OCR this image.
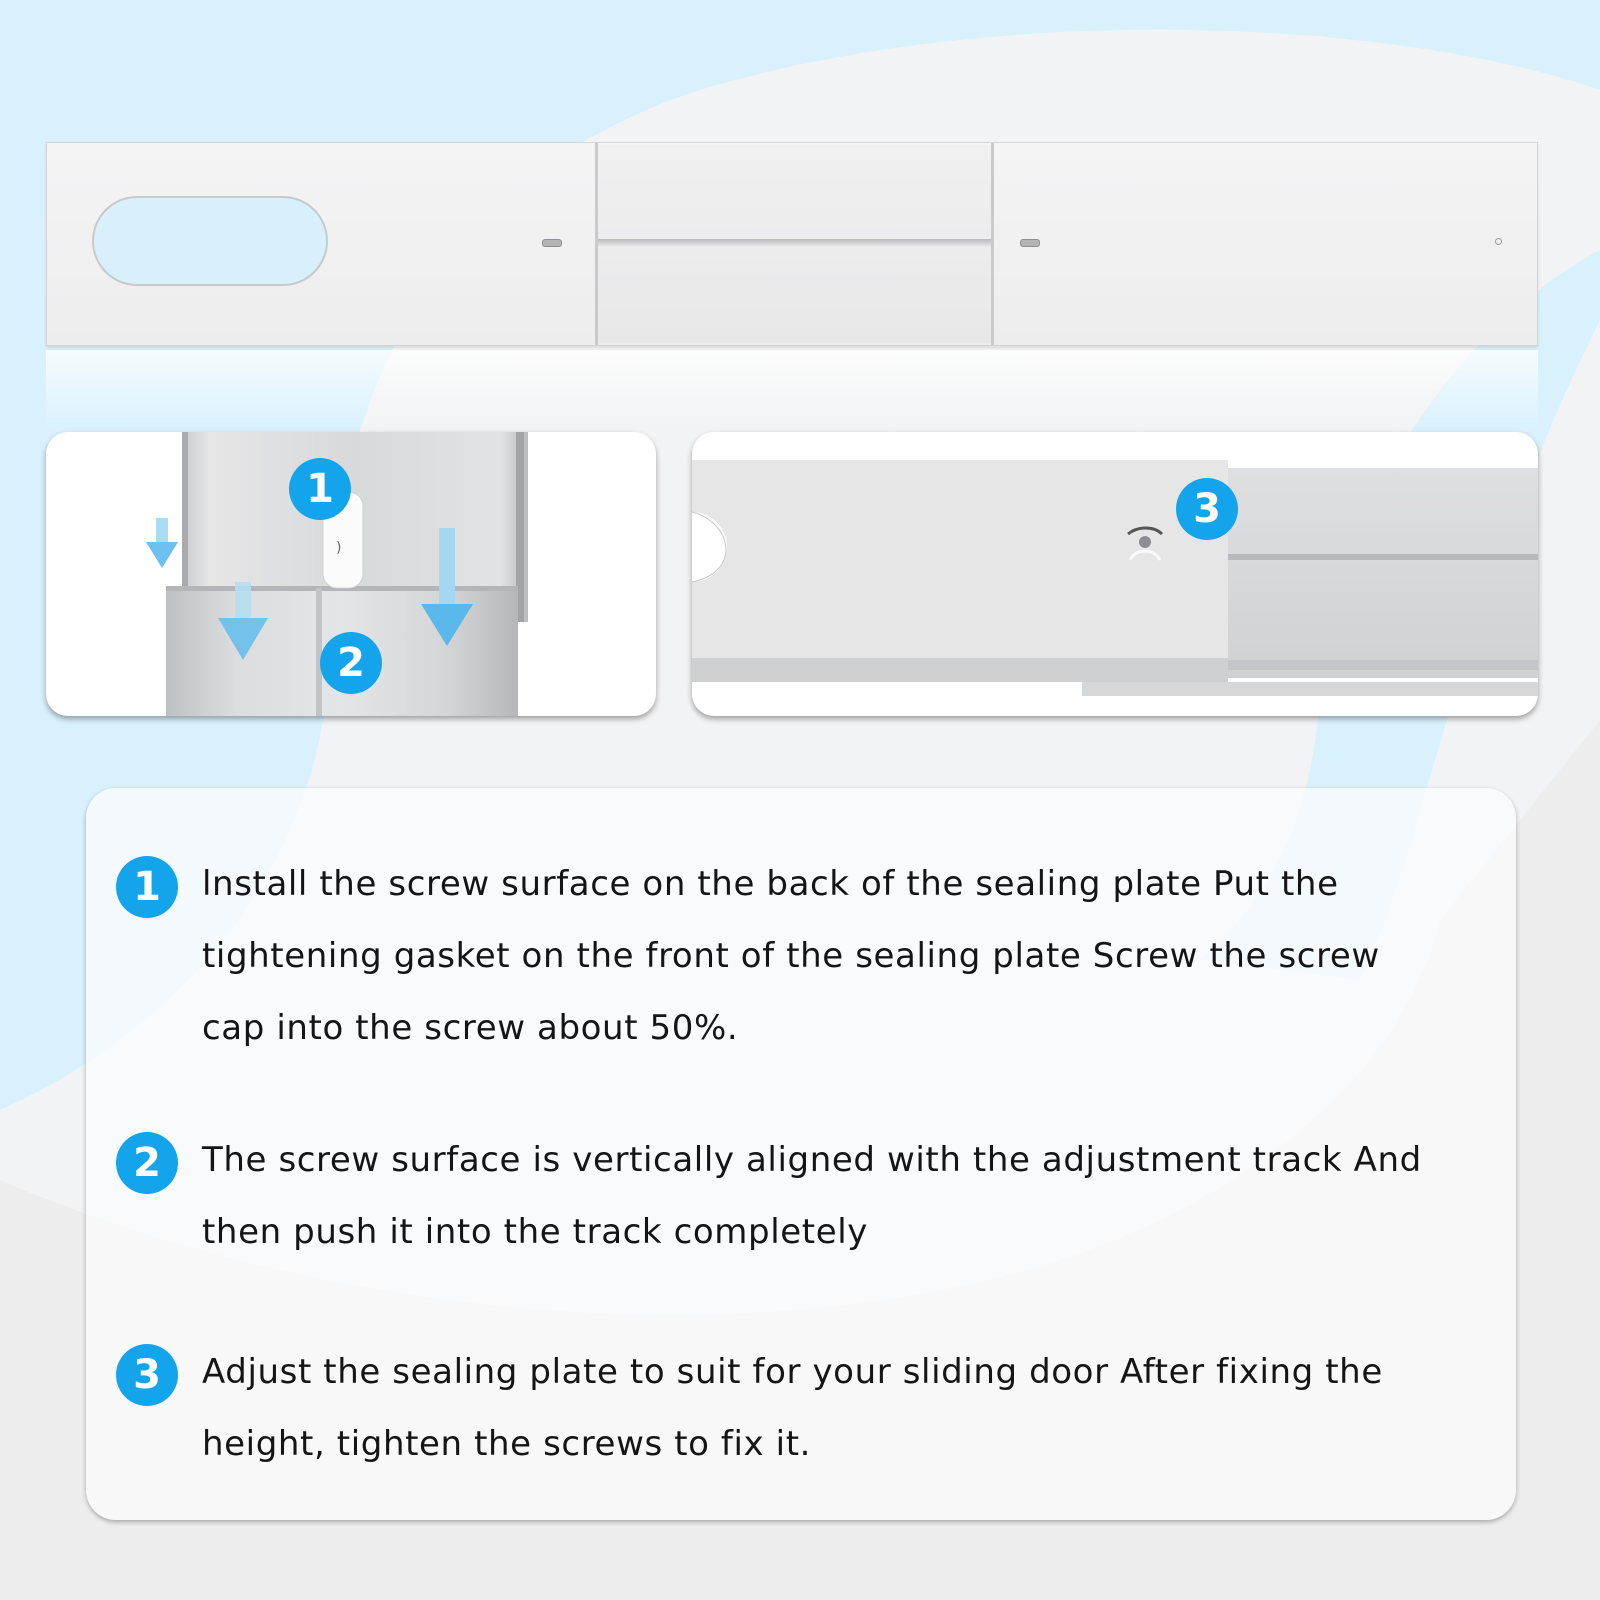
)
1
2
3
1	lnstall the screw surface on the back of the sealing plate Put the tightening gasket on the front of the sealing plate Screw the screw cap into the screw about 50%.

2	The screw surface is vertically aligned with the adjustment track And then push it into the track completely

3	Adjust the sealing plate to suit for your sliding door After fixing the height, tighten the screws to fix it.
